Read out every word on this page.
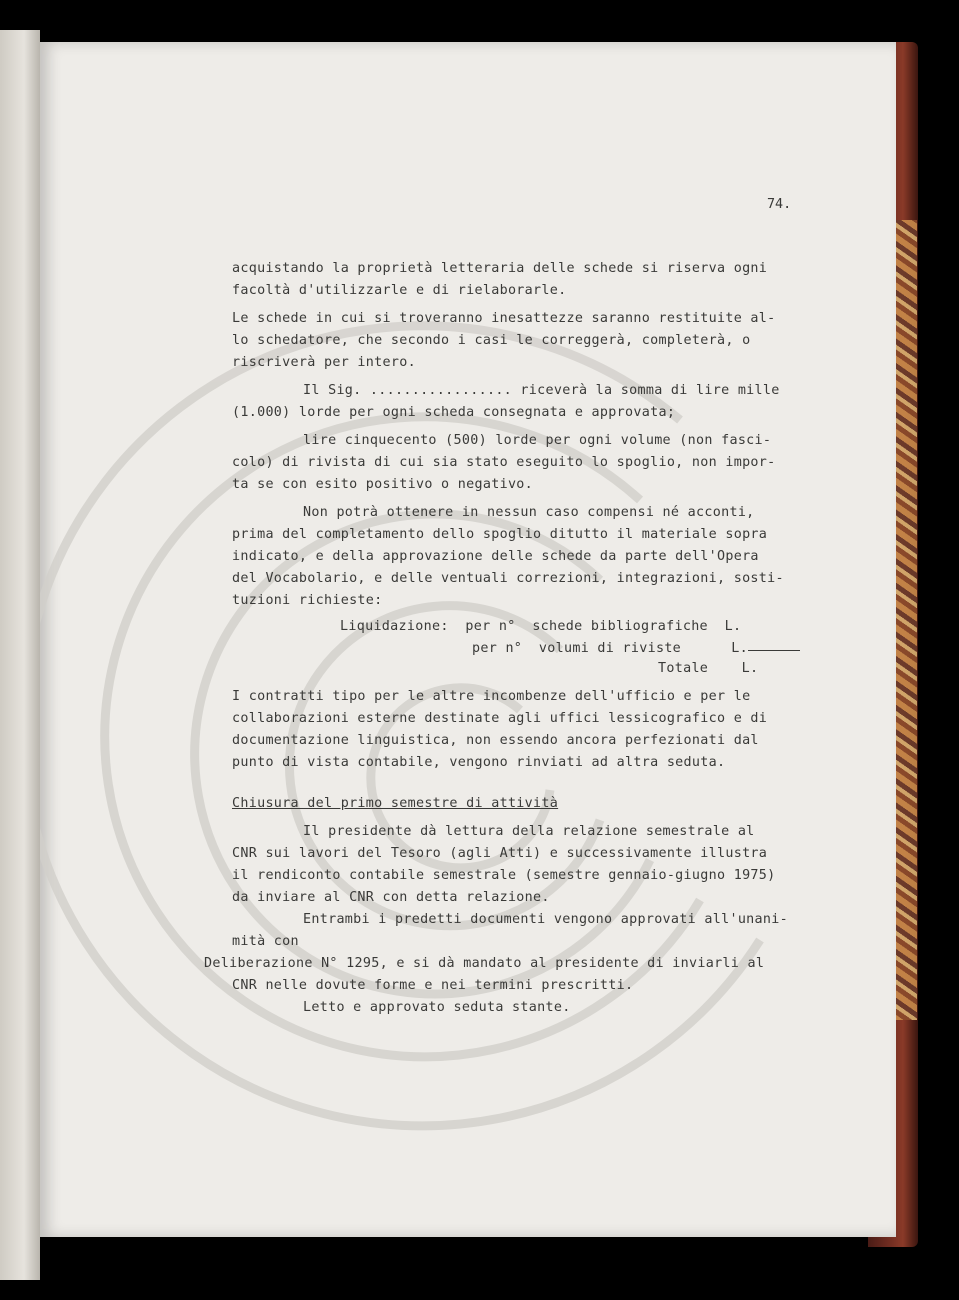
74.
acquistando la proprietà letteraria delle schede si riserva ogni
facoltà d'utilizzarle e di rielaborarle.
Le schede in cui si troveranno inesattezze saranno restituite al-
lo schedatore, che secondo i casi le correggerà, completerà, o
riscriverà per intero.
Il Sig. ................. riceverà la somma di lire mille
(1.000) lorde per ogni scheda consegnata e approvata;
lire cinquecento (500) lorde per ogni volume (non fasci-
colo) di rivista di cui sia stato eseguito lo spoglio, non impor-
ta se con esito positivo o negativo.
Non potrà ottenere in nessun caso compensi né acconti,
prima del completamento dello spoglio ditutto il materiale sopra
indicato, e della approvazione delle schede da parte dell'Opera
del Vocabolario, e delle ventuali correzioni, integrazioni, sosti-
tuzioni richieste:
Liquidazione:  per n°  schede bibliografiche  L.
per n°  volumi di riviste      L.
Totale    L.
I contratti tipo per le altre incombenze dell'ufficio e per le
collaborazioni esterne destinate agli uffici lessicografico e di
documentazione linguistica, non essendo ancora perfezionati dal
punto di vista contabile, vengono rinviati ad altra seduta.
Chiusura del primo semestre di attività
Il presidente dà lettura della relazione semestrale al
CNR sui lavori del Tesoro (agli Atti) e successivamente illustra
il rendiconto contabile semestrale (semestre gennaio-giugno 1975)
da inviare al CNR con detta relazione.
Entrambi i predetti documenti vengono approvati all'unani-
mità con
Deliberazione N° 1295, e si dà mandato al presidente di inviarli al
CNR nelle dovute forme e nei termini prescritti.
Letto e approvato seduta stante.
